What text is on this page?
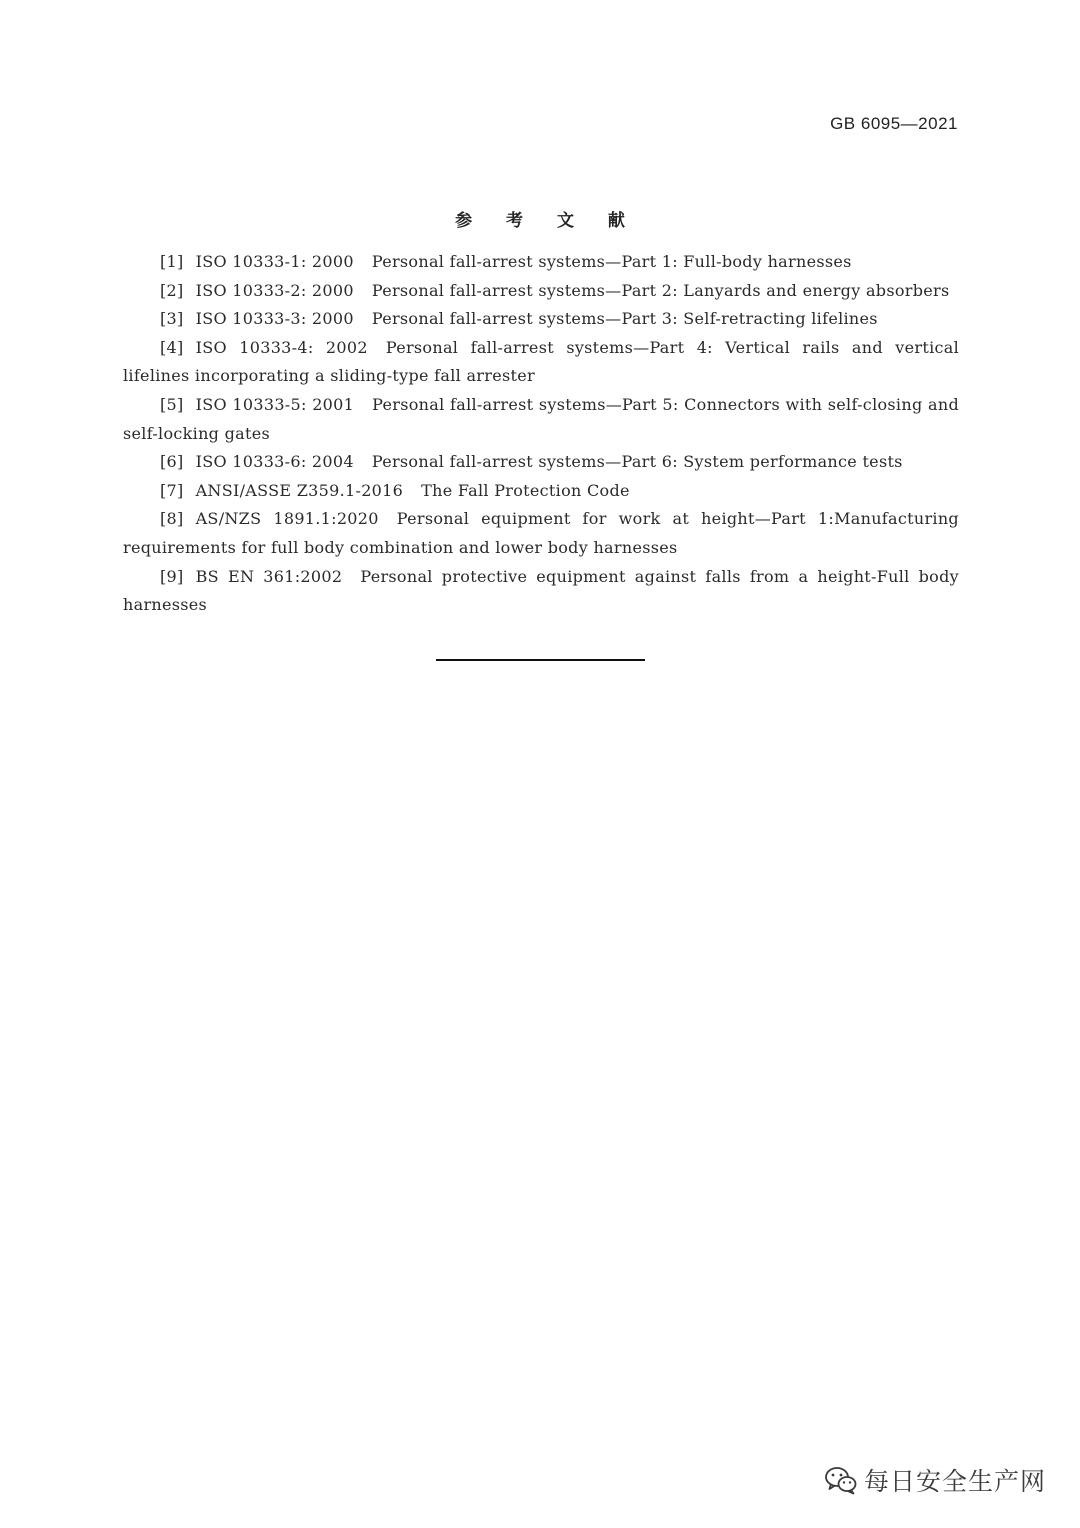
GB 6095—2021
参 考 文 献
[1] ISO 10333-1: 2000 Personal fall-arrest systems—Part 1: Full-body harnesses
[2] ISO 10333-2: 2000 Personal fall-arrest systems—Part 2: Lanyards and energy absorbers
[3] ISO 10333-3: 2000 Personal fall-arrest systems—Part 3: Self-retracting lifelines
[4] ISO 10333-4: 2002 Personal fall-arrest systems—Part 4: Vertical rails and vertical lifelines incorporating a sliding-type fall arrester
[5] ISO 10333-5: 2001 Personal fall-arrest systems—Part 5: Connectors with self-closing and self-locking gates
[6] ISO 10333-6: 2004 Personal fall-arrest systems—Part 6: System performance tests
[7] ANSI/ASSE Z359.1-2016 The Fall Protection Code
[8] AS/NZS 1891.1:2020 Personal equipment for work at height—Part 1:Manufacturing requirements for full body combination and lower body harnesses
[9] BS EN 361:2002 Personal protective equipment against falls from a height-Full body harnesses
每日安全生产网
